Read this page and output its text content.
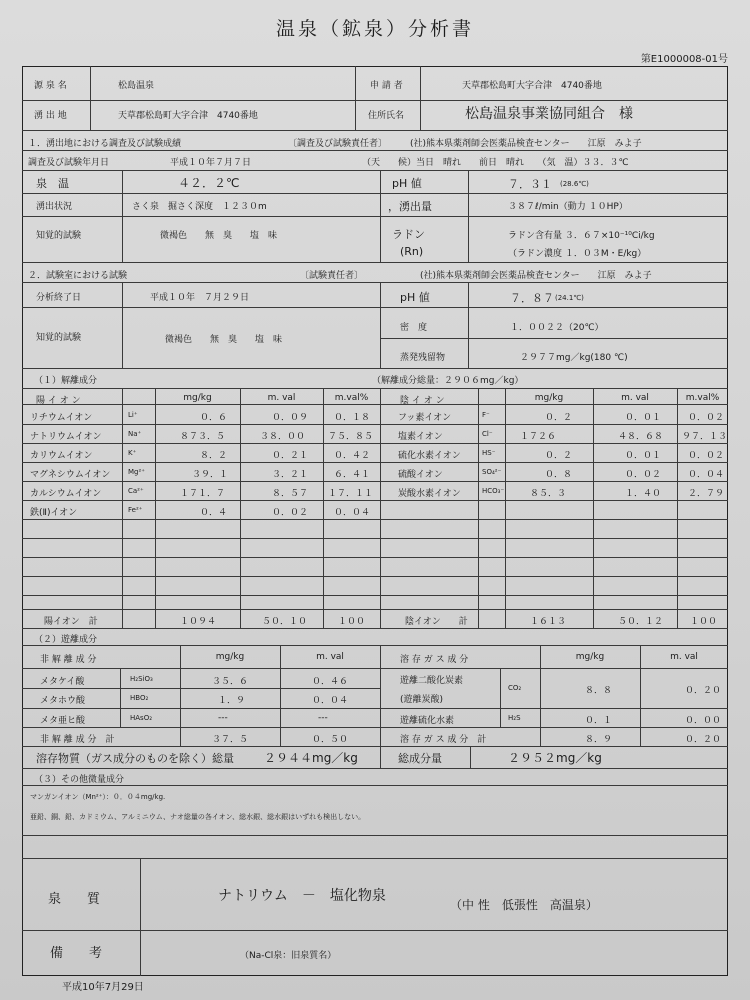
温泉（鉱泉）分析書
第E1000008-01号
源 泉 名	松島温泉
湧 出 地	天草郡松島町大字合津　4740番地
申 請 者	天草郡松島町大字合津　4740番地
住所氏名	松島温泉事業協同組合　様
１．湧出地における調査及び試験成績	〔調査及び試験責任者〕	(社)熊本県薬剤師会医薬品検査センター　　江原　みよ子
調査及び試験年月日	平成１０年７月７日	（天　　候）当日　晴れ　　前日　晴れ　　（気　温）３３．３℃
泉　温	４２．２℃	pH 値	７．３１ (28.6℃)
湧出状況	さく泉　掘さく深度　１２３０m	，湧出量	３８７ℓ/min（動力 １０HP）
知覚的試験	微褐色　　無　臭　　塩　味	ラドン
(Rn)
ラドン含有量 ３．６７×10⁻¹⁰Ci/kg
（ラドン濃度 １．０３M・E/kg）
２．試験室における試験	〔試験責任者〕	(社)熊本県薬剤師会医薬品検査センター　　江原　みよ子
分析終了日	平成１０年　７月２９日	pH 値	７．８７ (24.1℃)
知覚的試験	微褐色　　無　臭　　塩　味
密　度	１．００２２（20℃）
蒸発残留物	２９７７mg／kg(180 ℃)
（１）解離成分	（解離成分総量：２９０６mg／kg）
陽 イ オ ン	mg/kg	m. val	m.val%	陰 イ オ ン	mg/kg	m. val	m.val%
リチウムイオン	Li⁺	０．６	０．０９	０．１８
ナトリウムイオン	Na⁺	８７３．５	３８．００	７５．８５
カリウムイオン	K⁺	８．２	０．２１	０．４２
マグネシウムイオン	Mg²⁺	３９．１	３．２１	６．４１
カルシウムイオン	Ca²⁺	１７１．７	８．５７ １７．１１
鉄(Ⅱ)イオン	Fe²⁺	０．４	０．０２	０．０４
フッ素イオン	F⁻	０．２	０．０１	０．０２
塩素イオン	Cl⁻	１７２６	４８．６８ ９７．１３
硫化水素イオン	HS⁻	０．２	０．０１	０．０２
硫酸イオン	SO₄²⁻	０．８	０．０２	０．０４
炭酸水素イオン	HCO₃⁻	８５．３	１．４０	２．７９
陽イオン　計	１０９４	５０．１０	１００	陰イオン　　計	１６１３	５０．１２	１００
（２）遊離成分
非 解 離 成 分	mg/kg	m. val	溶 存 ガ ス 成 分	mg/kg	m. val
メタケイ酸	H₂SiO₃	３５．６	０．４６
メタホウ酸	HBO₂	１．９	０．０４
メタ亜ヒ酸	HAsO₂	---	---
遊離二酸化炭素
(遊離炭酸)
CO₂	８．８	０．２０
遊離硫化水素	H₂S	０．１	０．００
非 解 離 成 分　計	３７．５	０．５０	溶 存 ガ ス 成 分　計	８．９	０．２０
溶存物質（ガス成分のものを除く）総量	２９４４mg／kg	総成分量	２９５２mg／kg
（３）その他微量成分
マンガンイオン（Mn²⁺）：０．０４mg/kg.
亜鉛、銅、鉛、カドミウム、アルミニウム、ナオ総量の各イオン、総水銀、総水銀はいずれも検出しない。
泉　　質	ナトリウム　－　塩化物泉
（中 性　低張性　高温泉）
備　　考	（Na-Cl泉：旧泉質名）
平成10年7月29日
